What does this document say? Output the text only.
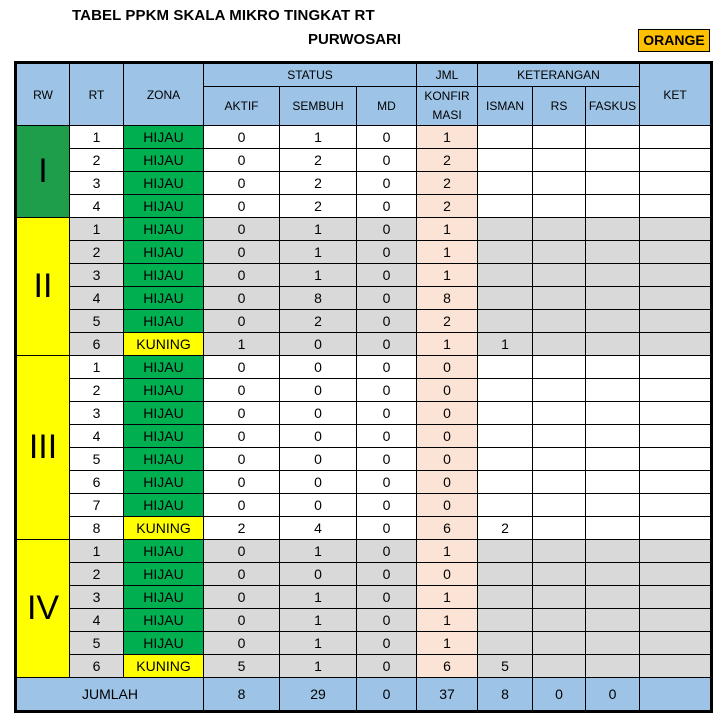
TABEL PPKM SKALA MIKRO TINGKAT RT
PURWOSARI	ORANGE
RW	RT	ZONA	STATUS			JML	KETERANGAN			KET
			AKTIF	SEMBUH	MD	KONFIR MASI	ISMAN	RS	FASKUS	
I	1	HIJAU	0	1	0	1				
	2	HIJAU	0	2	0	2				
	3	HIJAU	0	2	0	2				
	4	HIJAU	0	2	0	2				
II	1	HIJAU	0	1	0	1				
	2	HIJAU	0	1	0	1				
	3	HIJAU	0	1	0	1				
	4	HIJAU	0	8	0	8				
	5	HIJAU	0	2	0	2				
	6	KUNING	1	0	0	1	1			
III	1	HIJAU	0	0	0	0				
	2	HIJAU	0	0	0	0				
	3	HIJAU	0	0	0	0				
	4	HIJAU	0	0	0	0				
	5	HIJAU	0	0	0	0				
	6	HIJAU	0	0	0	0				
	7	HIJAU	0	0	0	0				
	8	KUNING	2	4	0	6	2			
IV	1	HIJAU	0	1	0	1				
	2	HIJAU	0	0	0	0				
	3	HIJAU	0	1	0	1				
	4	HIJAU	0	1	0	1				
	5	HIJAU	0	1	0	1				
	6	KUNING	5	1	0	6	5			
JUMLAH			8	29	0	37	8	0	0	
